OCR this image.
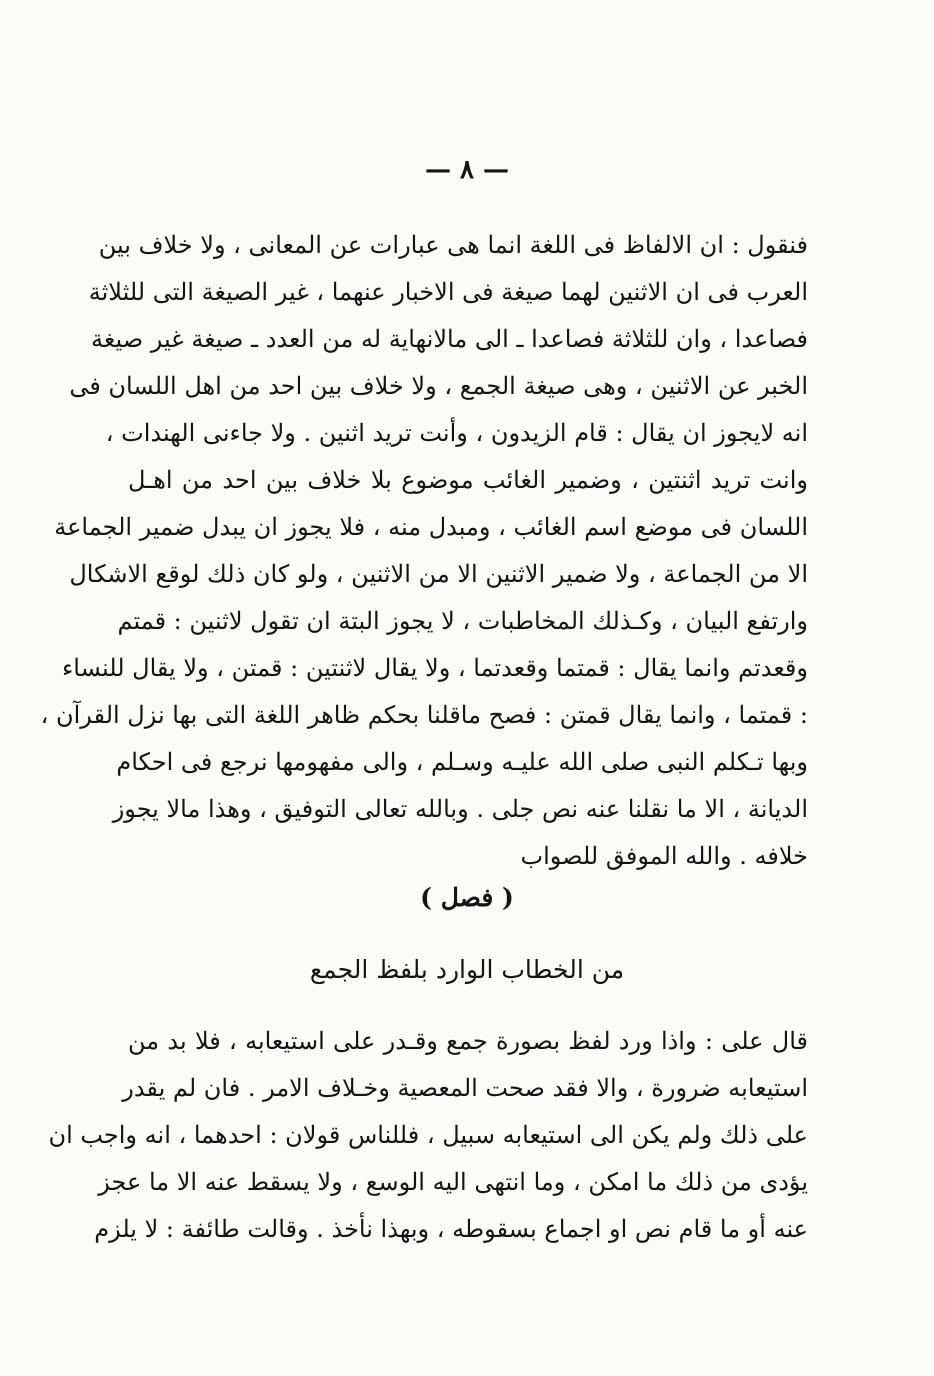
— ٨ —
فنقول : ان الالفاظ فى اللغة انما هى عبارات عن المعانى ، ولا خلاف بين
العرب فى ان الاثنين لهما صيغة فى الاخبار عنهما ، غير الصيغة التى للثلاثة
فصاعدا ، وان للثلاثة فصاعدا ـ الى مالانهاية له من العدد ـ صيغة غير صيغة
الخبر عن الاثنين ، وهى صيغة الجمع ، ولا خلاف بين احد من اهل اللسان فى
انه لايجوز ان يقال : قام الزيدون ، وأنت تريد اثنين . ولا جاءنى الهندات ،
وانت تريد اثنتين ، وضمير الغائب موضوع بلا خلاف بين احد من اهـل
اللسان فى موضع اسم الغائب ، ومبدل منه ، فلا يجوز ان يبدل ضمير الجماعة
الا من الجماعة ، ولا ضمير الاثنين الا من الاثنين ، ولو كان ذلك لوقع الاشكال
وارتفع البيان ، وكـذلك المخاطبات ، لا يجوز البتة ان تقول لاثنين : قمتم
وقعدتم وانما يقال : قمتما وقعدتما ، ولا يقال لاثنتين : قمتن ، ولا يقال للنساء
: قمتما ، وانما يقال قمتن : فصح ماقلنا بحكم ظاهر اللغة التى بها نزل القرآن ،
وبها تـكلم النبى صلى الله عليـه وسـلم ، والى مفهومها نرجع فى احكام
الديانة ، الا ما نقلنا عنه نص جلى . وبالله تعالى التوفيق ، وهذا مالا يجوز
خلافه . والله الموفق للصواب
( فصل )
من الخطاب الوارد بلفظ الجمع
قال على : واذا ورد لفظ بصورة جمع وقـدر على استيعابه ، فلا بد من
استيعابه ضرورة ، والا فقد صحت المعصية وخـلاف الامر . فان لم يقدر
على ذلك ولم يكن الى استيعابه سبيل ، فللناس قولان : احدهما ، انه واجب ان
يؤدى من ذلك ما امكن ، وما انتهى اليه الوسع ، ولا يسقط عنه الا ما عجز
عنه أو ما قام نص او اجماع بسقوطه ، وبهذا نأخذ . وقالت طائفة : لا يلزم
